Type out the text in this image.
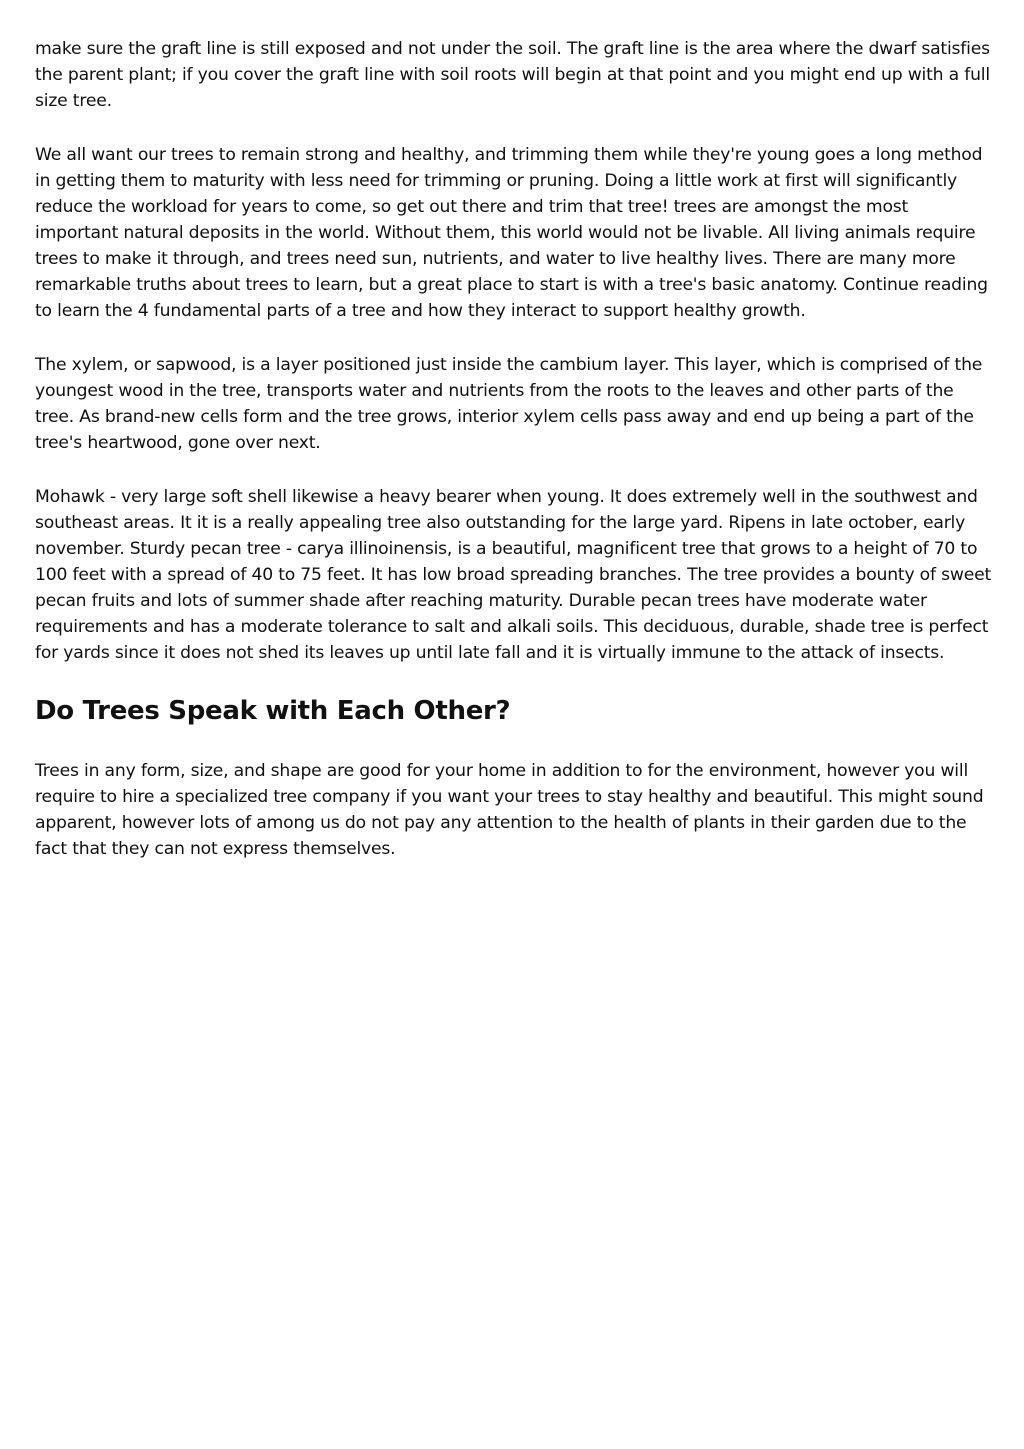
make sure the graft line is still exposed and not under the soil. The graft line is the area where the dwarf satisfies the parent plant; if you cover the graft line with soil roots will begin at that point and you might end up with a full size tree.

We all want our trees to remain strong and healthy, and trimming them while they're young goes a long method in getting them to maturity with less need for trimming or pruning. Doing a little work at first will significantly reduce the workload for years to come, so get out there and trim that tree! trees are amongst the most important natural deposits in the world. Without them, this world would not be livable. All living animals require trees to make it through, and trees need sun, nutrients, and water to live healthy lives. There are many more remarkable truths about trees to learn, but a great place to start is with a tree's basic anatomy. Continue reading to learn the 4 fundamental parts of a tree and how they interact to support healthy growth.

The xylem, or sapwood, is a layer positioned just inside the cambium layer. This layer, which is comprised of the youngest wood in the tree, transports water and nutrients from the roots to the leaves and other parts of the tree. As brand-new cells form and the tree grows, interior xylem cells pass away and end up being a part of the tree's heartwood, gone over next.

Mohawk - very large soft shell likewise a heavy bearer when young. It does extremely well in the southwest and southeast areas. It it is a really appealing tree also outstanding for the large yard. Ripens in late october, early november. Sturdy pecan tree - carya illinoinensis, is a beautiful, magnificent tree that grows to a height of 70 to 100 feet with a spread of 40 to 75 feet. It has low broad spreading branches. The tree provides a bounty of sweet pecan fruits and lots of summer shade after reaching maturity. Durable pecan trees have moderate water requirements and has a moderate tolerance to salt and alkali soils. This deciduous, durable, shade tree is perfect for yards since it does not shed its leaves up until late fall and it is virtually immune to the attack of insects.

Do Trees Speak with Each Other?

Trees in any form, size, and shape are good for your home in addition to for the environment, however you will require to hire a specialized tree company if you want your trees to stay healthy and beautiful. This might sound apparent, however lots of among us do not pay any attention to the health of plants in their garden due to the fact that they can not express themselves.
